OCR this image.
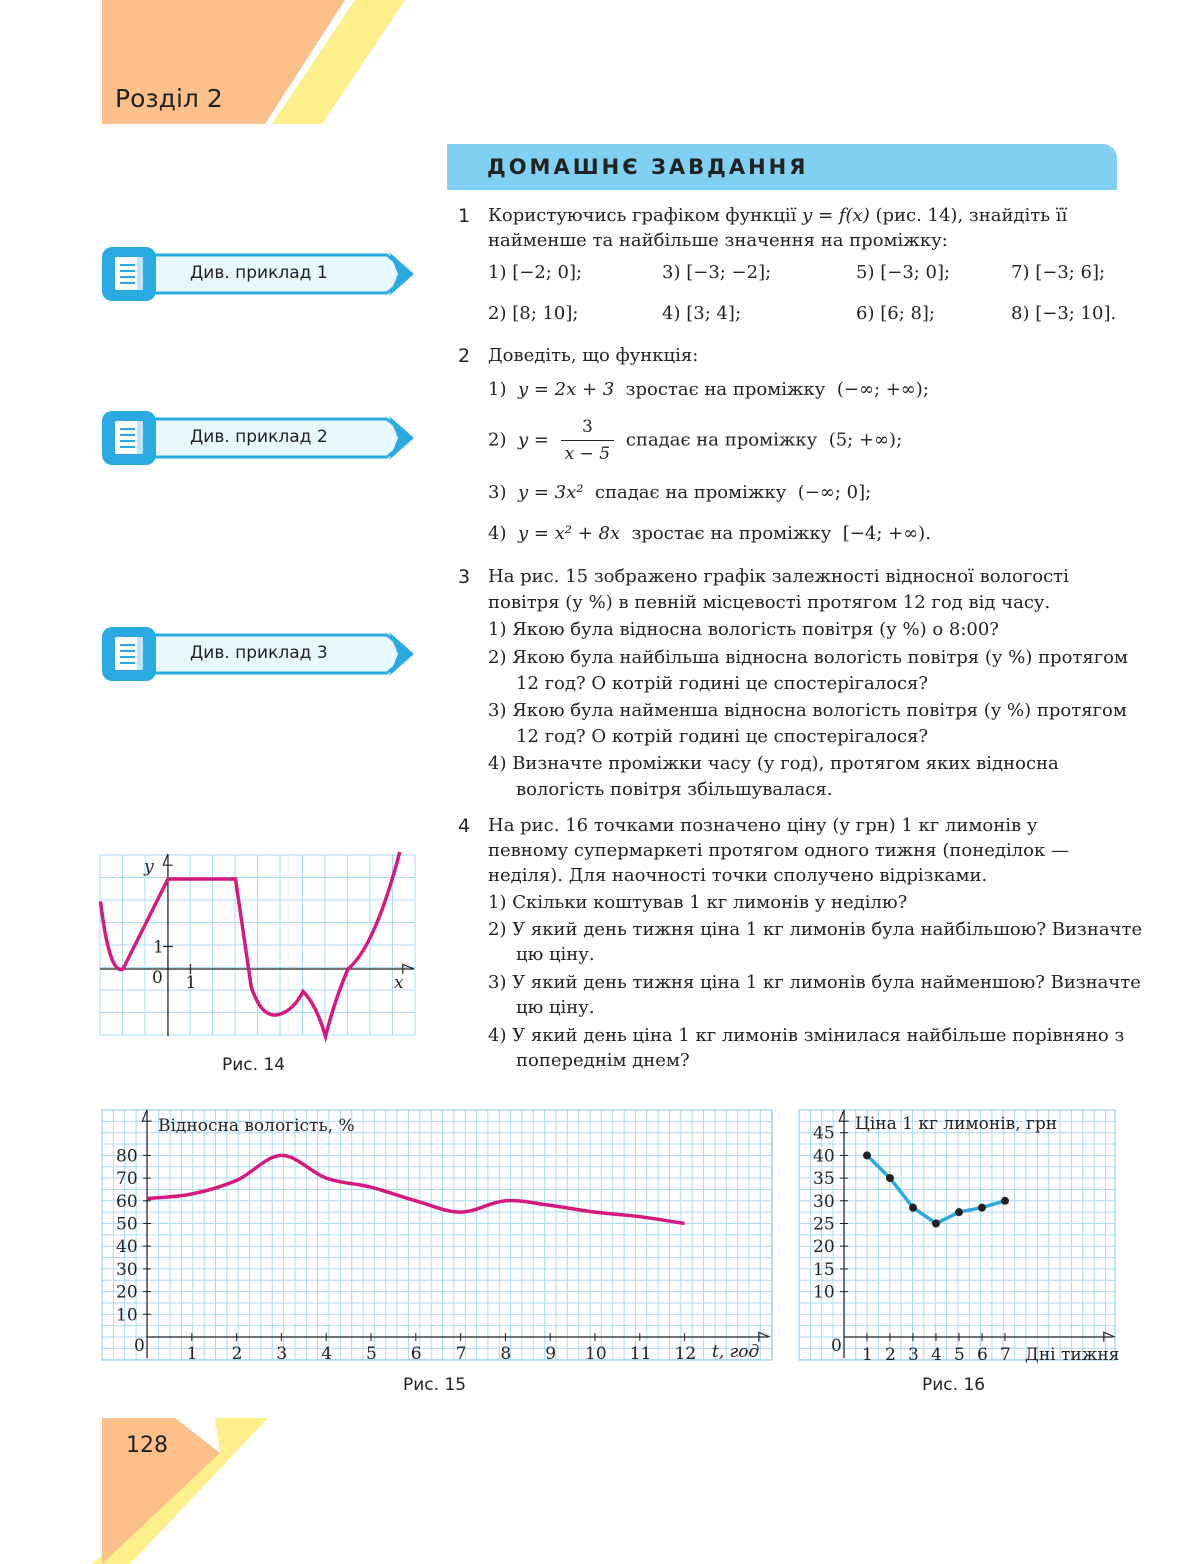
Розділ 2
ДОМАШНЄ ЗАВДАННЯ
Див. приклад 1
Див. приклад 2
Див. приклад 3
1 Користуючись графіком функції y = f(x) (рис. 14), знайдіть її найменше та найбільше значення на проміжку:
1) [−2; 0];	3) [−3; −2];	5) [−3; 0];	7) [−3; 6];
2) [8; 10];	4) [3; 4];	6) [6; 8];	8) [−3; 10].
2 Доведіть, що функція:
1) y = 2x + 3 зростає на проміжку (−∞; +∞);
2) $y = \frac{3}{x - 5}$ спадає на проміжку (5; +∞);
3) y = 3x² спадає на проміжку (−∞; 0];
4) y = x² + 8x зростає на проміжку [−4; +∞).
3 На рис. 15 зображено графік залежності відносної вологості повітря (у %) в певній місцевості протягом 12 год від часу.
1) Якою була відносна вологість повітря (у %) о 8:00?
2) Якою була найбільша відносна вологість повітря (у %) протягом 12 год? О котрій годині це спостерігалося?
3) Якою була найменша відносна вологість повітря (у %) протягом 12 год? О котрій годині це спостерігалося?
4) Визначте проміжки часу (у год), протягом яких відносна вологість повітря збільшувалася.
4 На рис. 16 точками позначено ціну (у грн) 1 кг лимонів у певному супермаркеті протягом одного тижня (понеділок — неділя). Для наочності точки сполучено відрізками.
1) Скільки коштував 1 кг лимонів у неділю?
2) У який день тижня ціна 1 кг лимонів була найбільшою? Визначте цю ціну.
3) У який день тижня ціна 1 кг лимонів була найменшою? Визначте цю ціну.
4) У який день ціна 1 кг лимонів змінилася найбільше порівняно з попереднім днем?
y
x
1
1
0
Рис. 14
Відносна вологість, %
t, год
0 1 2 3 4 5 6 7 8 9 10 11 12
10
20
30
40
50
60
70
80
Рис. 15
Ціна 1 кг лимонів, грн
Дні тижня
0 1 2 3 4 5 6 7
10
15
20
25
30
35
40
45
Рис. 16
128
